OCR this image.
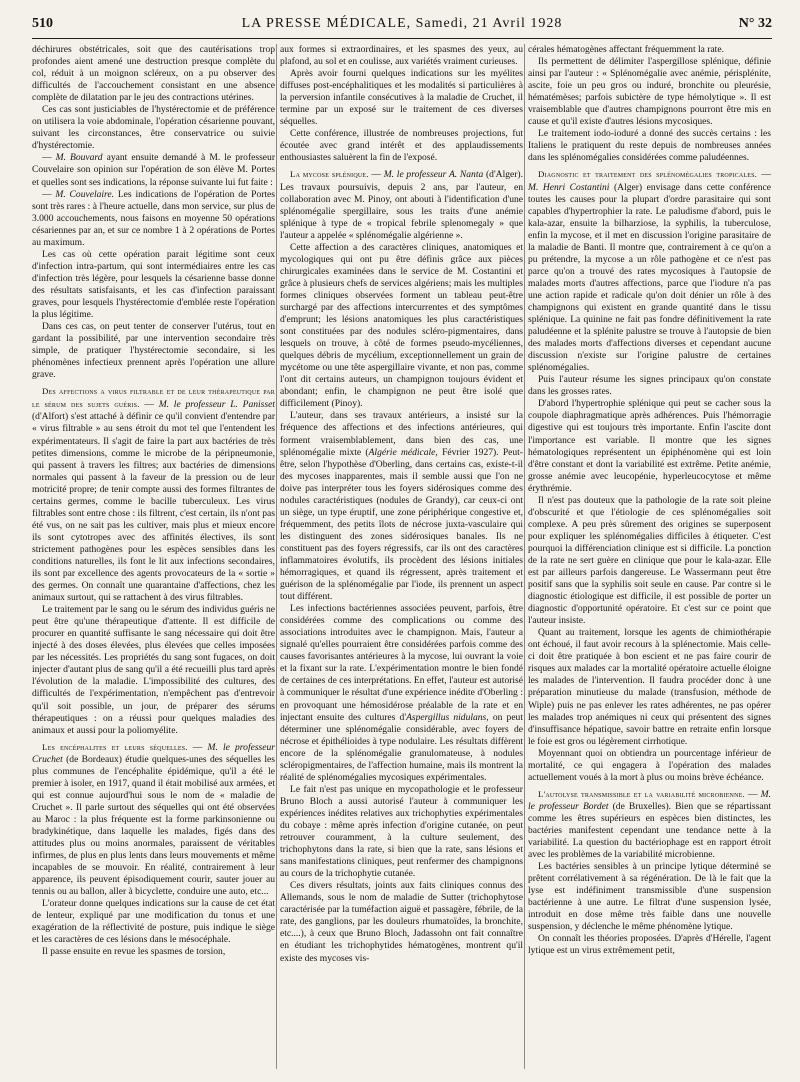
510	LA PRESSE MÉDICALE, Samedi, 21 Avril 1928	N° 32

déchirures obstétricales, soit que des cautérisations trop profondes aient amené une destruction presque complète du col, réduit à un moignon scléreux, on a pu observer des difficultés de l'accouchement consistant en une absence complète de dilatation par le jeu des contractions utérines.

Ces cas sont justiciables de l'hystérectomie et de préférence on utilisera la voie abdominale, l'opération césarienne pouvant, suivant les circonstances, être conservatrice ou suivie d'hystérectomie.

— M. Bouvard ayant ensuite demandé à M. le professeur Couvelaire son opinion sur l'opération de son élève M. Portes et quelles sont ses indications, la réponse suivante lui fut faite :

— M. Couvelaire. Les indications de l'opération de Portes sont très rares : à l'heure actuelle, dans mon service, sur plus de 3.000 accouchements, nous faisons en moyenne 50 opérations césariennes par an, et sur ce nombre 1 à 2 opérations de Portes au maximum.

Les cas où cette opération parait légitime sont ceux d'infection intra-partum, qui sont intermédiaires entre les cas d'infection très légère, pour lesquels la césarienne basse donne des résultats satisfaisants, et les cas d'infection paraissant graves, pour lesquels l'hystérectomie d'emblée reste l'opération la plus légitime.

Dans ces cas, on peut tenter de conserver l'utérus, tout en gardant la possibilité, par une intervention secondaire très simple, de pratiquer l'hystérectomie secondaire, si les phénomènes infectieux prennent après l'opération une allure grave.

Des affections a virus filtrable et de leur thérapeutique par le sérum des sujets guéris. — M. le professeur L. Panisset (d'Alfort) s'est attaché à définir ce qu'il convient d'entendre par « virus filtrable » au sens étroit du mot tel que l'entendent les expérimentateurs. Il s'agit de faire la part aux bactéries de très petites dimensions, comme le microbe de la péripneumonie, qui passent à travers les filtres; aux bactéries de dimensions normales qui passent à la faveur de la pression ou de leur motricité propre; de tenir compte aussi des formes filtrantes de certains germes, comme le bacille tuberculeux. Les virus filtrables sont entre chose : ils filtrent, c'est certain, ils n'ont pas été vus, on ne sait pas les cultiver, mais plus et mieux encore ils sont cytotropes avec des affinités électives, ils sont strictement pathogènes pour les espèces sensibles dans les conditions naturelles, ils font le lit aux infections secondaires, ils sont par excellence des agents provocateurs de la « sortie » des germes. On connaît une quarantaine d'affections, chez les animaux surtout, qui se rattachent à des virus filtrables.

Le traitement par le sang ou le sérum des individus guéris ne peut être qu'une thérapeutique d'attente. Il est difficile de procurer en quantité suffisante le sang nécessaire qui doit être injecté à des doses élevées, plus élevées que celles imposées par les nécessités. Les propriétés du sang sont fugaces, on doit injecter d'autant plus de sang qu'il a été recueilli plus tard après l'évolution de la maladie. L'impossibilité des cultures, des difficultés de l'expérimentation, n'empêchent pas d'entrevoir qu'il soit possible, un jour, de préparer des sérums thérapeutiques : on a réussi pour quelques maladies des animaux et aussi pour la poliomyélite.

Les encéphalites et leurs séquelles. — M. le professeur Cruchet (de Bordeaux) étudie quelques-unes des séquelles les plus communes de l'encéphalite épidémique, qu'il a été le premier à isoler, en 1917, quand il était mobilisé aux armées, et qui est connue aujourd'hui sous le nom de « maladie de Cruchet ». Il parle surtout des séquelles qui ont été observées au Maroc : la plus fréquente est la forme parkinsonienne ou bradykinétique, dans laquelle les malades, figés dans des attitudes plus ou moins anormales, paraissent de véritables infirmes, de plus en plus lents dans leurs mouvements et même incapables de se mouvoir. En réalité, contrairement à leur apparence, ils peuvent épisodiquement courir, sauter jouer au tennis ou au ballon, aller à bicyclette, conduire une auto, etc...

L'orateur donne quelques indications sur la cause de cet état de lenteur, expliqué par une modification du tonus et une exagération de la réflectivité de posture, puis indique le siège et les caractères de ces lésions dans le mésocéphale.

Il passe ensuite en revue les spasmes de torsion,

aux formes si extraordinaires, et les spasmes des yeux, au plafond, au sol et en coulisse, aux variétés vraiment curieuses.

Après avoir fourni quelques indications sur les myélites diffuses post-encéphalitiques et les modalités si particulières à la perversion infantile consécutives à la maladie de Cruchet, il termine par un exposé sur le traitement de ces diverses séquelles.

Cette conférence, illustrée de nombreuses projections, fut écoutée avec grand intérêt et des applaudissements enthousiastes saluèrent la fin de l'exposé.

La mycose splénique. — M. le professeur A. Nanta (d'Alger). Les travaux poursuivis, depuis 2 ans, par l'auteur, en collaboration avec M. Pinoy, ont abouti à l'identification d'une splénomégalie spergillaire, sous les traits d'une anémie splénique à type de « tropical febrile splenomegaly » que l'auteur a appelée « splénomégalie algérienne ».

Cette affection a des caractères cliniques, anatomiques et mycologiques qui ont pu être définis grâce aux pièces chirurgicales examinées dans le service de M. Costantini et grâce à plusieurs chefs de services algériens; mais les multiples formes cliniques observées forment un tableau peut-être surchargé par des affections intercurrentes et des symptômes d'emprunt; les lésions anatomiques les plus caractéristiques sont constituées par des nodules scléro-pigmentaires, dans lesquels on trouve, à côté de formes pseudo-mycéliennes, quelques débris de mycélium, exceptionnellement un grain de mycétome ou une tête aspergillaire vivante, et non pas, comme l'ont dit certains auteurs, un champignon toujours évident et abondant; enfin, le champignon ne peut être isolé que difficilement (Pinoy).

L'auteur, dans ses travaux antérieurs, a insisté sur la fréquence des affections et des infections antérieures, qui forment vraisemblablement, dans bien des cas, une splénomégalie mixte (Algérie médicale, Février 1927). Peut-être, selon l'hypothèse d'Oberling, dans certains cas, existe-t-il des mycoses inapparentes, mais il semble aussi que l'on ne doive pas interpréter tous les foyers sidérosiques comme des nodules caractéristiques (nodules de Grandy), car ceux-ci ont un siège, un type éruptif, une zone périphérique congestive et, fréquemment, des petits îlots de nécrose juxta-vasculaire qui les distinguent des zones sidérosiques banales. Ils ne constituent pas des foyers régressifs, car ils ont des caractères inflammatoires évolutifs, ils procèdent des lésions initiales hémorragiques, et quand ils régressent, après traitement et guérison de la splénomégalie par l'iode, ils prennent un aspect tout différent.

Les infections bactériennes associées peuvent, parfois, être considérées comme des complications ou comme des associations introduites avec le champignon. Mais, l'auteur a signalé qu'elles pourraient être considérées parfois comme des causes favorisantes antérieures à la mycose, lui ouvrant la voie et la fixant sur la rate. L'expérimentation montre le bien fondé de certaines de ces interprétations. En effet, l'auteur est autorisé à communiquer le résultat d'une expérience inédite d'Oberling : en provoquant une hémosidérose préalable de la rate et en injectant ensuite des cultures d'Aspergillus nidulans, on peut déterminer une splénomégalie considérable, avec foyers de nécrose et épithélioides à type nodulaire. Les résultats diffèrent encore de la splénomégalie granulomateuse, à nodules scléropigmentaires, de l'affection humaine, mais ils montrent la réalité de splénomégalies mycosiques expérimentales.

Le fait n'est pas unique en mycopathologie et le professeur Bruno Bloch a aussi autorisé l'auteur à communiquer les expériences inédites relatives aux trichophyties expérimentales du cobaye : même après infection d'origine cutanée, on peut retrouver couramment, à la culture seulement, des trichophytons dans la rate, si bien que la rate, sans lésions et sans manifestations cliniques, peut renfermer des champignons au cours de la trichophytie cutanée.

Ces divers résultats, joints aux faits cliniques connus des Allemands, sous le nom de maladie de Sutter (trichophytose caractérisée par la tuméfaction aiguë et passagère, fébrile, de la rate, des ganglions, par les douleurs rhumatoïdes, la bronchite, etc....), à ceux que Bruno Bloch, Jadassohn ont fait connaître en étudiant les trichophytides hématogènes, montrent qu'il existe des mycoses vis-

cérales hématogènes affectant fréquemment la rate.

Ils permettent de délimiter l'aspergillose splénique, définie ainsi par l'auteur : « Splénomégalie avec anémie, périsplénite, ascite, foie un peu gros ou induré, bronchite ou pleurésie, hématémèses; parfois subictère de type hémolytique ». Il est vraisemblable que d'autres champignons pourront être mis en cause et qu'il existe d'autres lésions mycosiques.

Le traitement iodo-ioduré a donné des succès certains : les Italiens le pratiquent du reste depuis de nombreuses années dans les splénomégalies considérées comme paludéennes.

Diagnostic et traitement des splénomégalies tropicales. — M. Henri Costantini (Alger) envisage dans cette conférence toutes les causes pour la plupart d'ordre parasitaire qui sont capables d'hypertrophier la rate. Le paludisme d'abord, puis le kala-azar, ensuite la bilharziose, la syphilis, la tuberculose, enfin la mycose, et il met en discussion l'origine parasitaire de la maladie de Banti. Il montre que, contrairement à ce qu'on a pu prétendre, la mycose a un rôle pathogène et ce n'est pas parce qu'on a trouvé des rates mycosiques à l'autopsie de malades morts d'autres affections, parce que l'iodure n'a pas une action rapide et radicale qu'on doit dénier un rôle à des champignons qui existent en grande quantité dans le tissu splénique. La quinine ne fait pas fondre définitivement la rate paludéenne et la splénite palustre se trouve à l'autopsie de bien des malades morts d'affections diverses et cependant aucune discussion n'existe sur l'origine palustre de certaines splénomégalies.

Puis l'auteur résume les signes principaux qu'on constate dans les grosses rates.

D'abord l'hypertrophie splénique qui peut se cacher sous la coupole diaphragmatique après adhérences. Puis l'hémorragie digestive qui est toujours très importante. Enfin l'ascite dont l'importance est variable. Il montre que les signes hématologiques représentent un épiphénomène qui est loin d'être constant et dont la variabilité est extrême. Petite anémie, grosse anémie avec leucopénie, hyperleucocytose et même érythrémie.

Il n'est pas douteux que la pathologie de la rate soit pleine d'obscurité et que l'étiologie de ces splénomégalies soit complexe. A peu près sûrement des origines se superposent pour expliquer les splénomégalies difficiles à étiqueter. C'est pourquoi la différenciation clinique est si difficile. La ponction de la rate ne sert guère en clinique que pour le kala-azar. Elle est par ailleurs parfois dangereuse. Le Wassermann peut être positif sans que la syphilis soit seule en cause. Par contre si le diagnostic étiologique est difficile, il est possible de porter un diagnostic d'opportunité opératoire. Et c'est sur ce point que l'auteur insiste.

Quant au traitement, lorsque les agents de chimiothérapie ont échoué, il faut avoir recours à la splénectomie. Mais celle-ci doit être pratiquée à bon escient et ne pas faire courir de risques aux malades car la mortalité opératoire actuelle éloigne les malades de l'intervention. Il faudra procéder donc à une préparation minutieuse du malade (transfusion, méthode de Wiple) puis ne pas enlever les rates adhérentes, ne pas opérer les malades trop anémiques ni ceux qui présentent des signes d'insuffisance hépatique, savoir battre en retraite enfin lorsque le foie est gros ou légèrement cirrhotique.

Moyennant quoi on obtiendra un pourcentage inférieur de mortalité, ce qui engagera à l'opération des malades actuellement voués à la mort à plus ou moins brève échéance.

L'autolyse transmissible et la variabilité microbienne. — M. le professeur Bordet (de Bruxelles). Bien que se répartissant comme les êtres supérieurs en espèces bien distinctes, les bactéries manifestent cependant une tendance nette à la variabilité. La question du bactériophage est en rapport étroit avec les problèmes de la variabilité microbienne.

Les bactéries sensibles à un principe lytique déterminé se prêtent corrélativement à sa régénération. De là le fait que la lyse est indéfiniment transmissible d'une suspension bactérienne à une autre. Le filtrat d'une suspension lysée, introduit en dose même très faible dans une nouvelle suspension, y déclenche le même phénomène lytique.

On connaît les théories proposées. D'après d'Hérelle, l'agent lytique est un virus extrêmement petit,
